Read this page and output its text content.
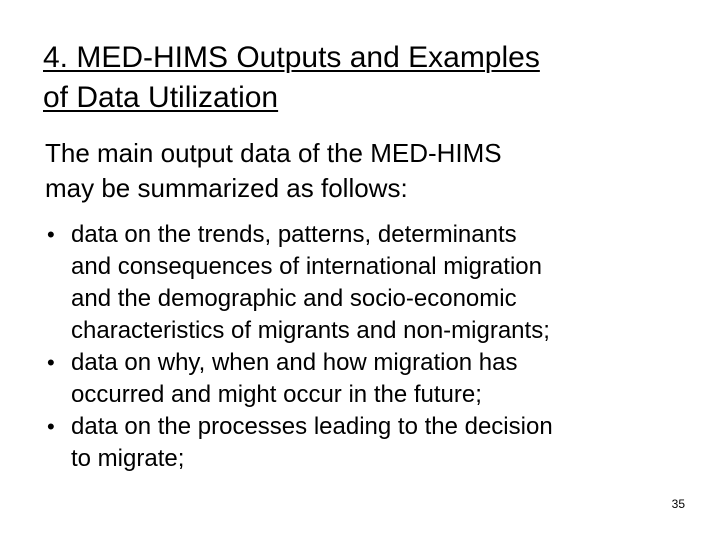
4. MED-HIMS Outputs and Examples
of Data Utilization

The main output data of the MED-HIMS
may be summarized as follows:

• data on the trends, patterns, determinants
and consequences of international migration
and the demographic and socio-economic
characteristics of migrants and non-migrants;
• data on why, when and how migration has
occurred and might occur in the future;
• data on the processes leading to the decision
to migrate;
35
